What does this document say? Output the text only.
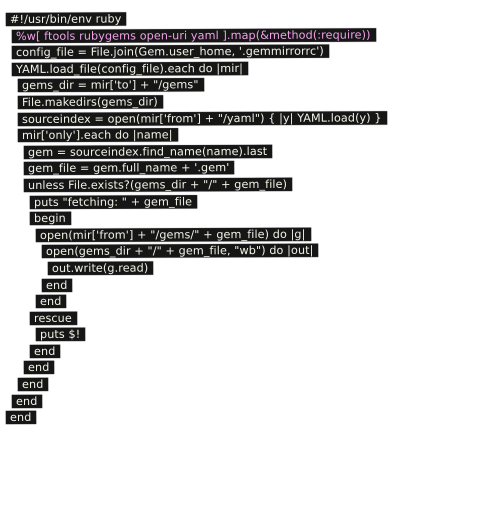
#!/usr/bin/env ruby
%w[ ftools rubygems open-uri yaml ].map(&method(:require))
config_file = File.join(Gem.user_home, '.gemmirrorrc')
YAML.load_file(config_file).each do |mir|
gems_dir = mir['to'] + "/gems"
File.makedirs(gems_dir)
sourceindex = open(mir['from'] + "/yaml") { |y| YAML.load(y) }
mir['only'].each do |name|
gem = sourceindex.find_name(name).last
gem_file = gem.full_name + '.gem'
unless File.exists?(gems_dir + "/" + gem_file)
puts "fetching: " + gem_file
begin
open(mir['from'] + "/gems/" + gem_file) do |g|
open(gems_dir + "/" + gem_file, "wb") do |out|
out.write(g.read)
end
end
rescue
puts $!
end
end
end
end
end
